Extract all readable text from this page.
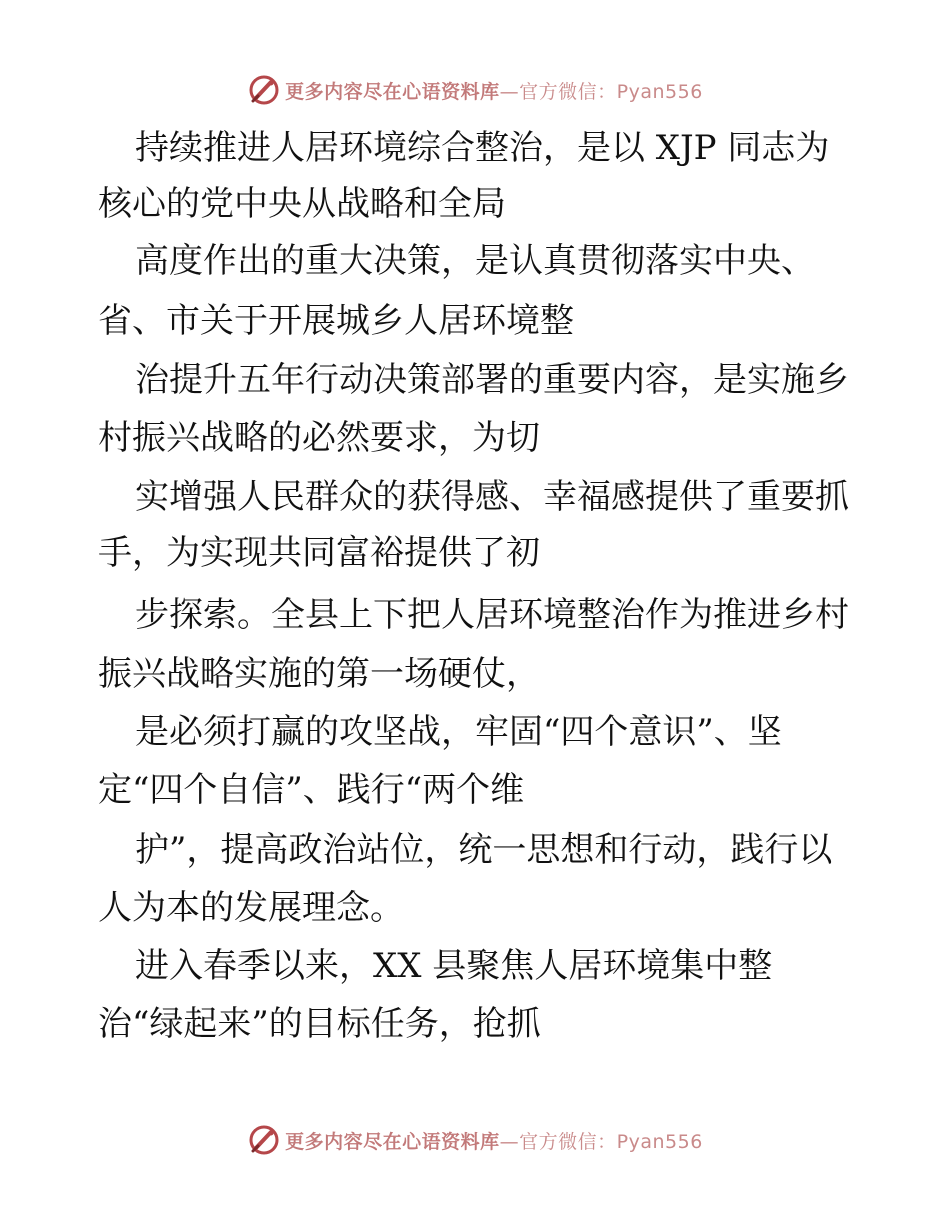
更多内容尽在心语资料库—官方微信：Pyan556
持续推进人居环境综合整治，是以 XJP 同志为
核心的党中央从战略和全局
高度作出的重大决策，是认真贯彻落实中央、
省、市关于开展城乡人居环境整
治提升五年行动决策部署的重要内容，是实施乡
村振兴战略的必然要求，为切
实增强人民群众的获得感、幸福感提供了重要抓
手，为实现共同富裕提供了初
步探索。全县上下把人居环境整治作为推进乡村
振兴战略实施的第一场硬仗，
是必须打赢的攻坚战，牢固“四个意识”、坚
定“四个自信”、践行“两个维
护”，提高政治站位，统一思想和行动，践行以
人为本的发展理念。
进入春季以来，XX 县聚焦人居环境集中整
治“绿起来”的目标任务，抢抓
更多内容尽在心语资料库—官方微信：Pyan556
